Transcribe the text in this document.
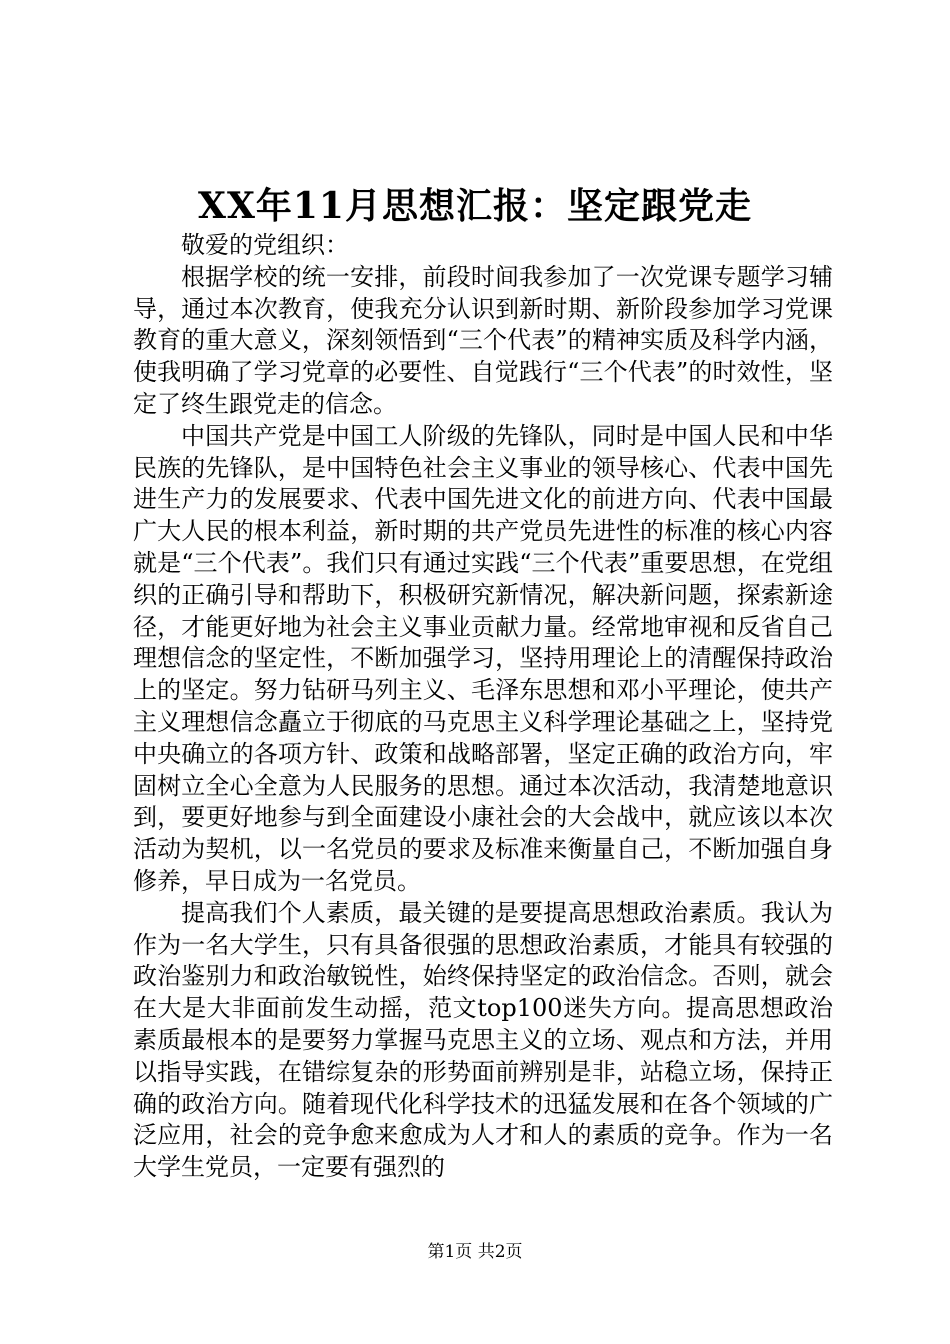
XX年11月思想汇报：坚定跟党走

敬爱的党组织：

根据学校的统一安排，前段时间我参加了一次党课专题学习辅导，通过本次教育，使我充分认识到新时期、新阶段参加学习党课教育的重大意义，深刻领悟到“三个代表”的精神实质及科学内涵，使我明确了学习党章的必要性、自觉践行“三个代表”的时效性，坚定了终生跟党走的信念。

中国共产党是中国工人阶级的先锋队，同时是中国人民和中华民族的先锋队，是中国特色社会主义事业的领导核心、代表中国先进生产力的发展要求、代表中国先进文化的前进方向、代表中国最广大人民的根本利益，新时期的共产党员先进性的标准的核心内容就是“三个代表”。我们只有通过实践“三个代表”重要思想，在党组织的正确引导和帮助下，积极研究新情况，解决新问题，探索新途径，才能更好地为社会主义事业贡献力量。经常地审视和反省自己理想信念的坚定性，不断加强学习，坚持用理论上的清醒保持政治上的坚定。努力钻研马列主义、毛泽东思想和邓小平理论，使共产主义理想信念矗立于彻底的马克思主义科学理论基础之上，坚持党中央确立的各项方针、政策和战略部署，坚定正确的政治方向，牢固树立全心全意为人民服务的思想。通过本次活动，我清楚地意识到，要更好地参与到全面建设小康社会的大会战中，就应该以本次活动为契机，以一名党员的要求及标准来衡量自己，不断加强自身修养，早日成为一名党员。

提高我们个人素质，最关键的是要提高思想政治素质。我认为作为一名大学生，只有具备很强的思想政治素质，才能具有较强的政治鉴别力和政治敏锐性，始终保持坚定的政治信念。否则，就会在大是大非面前发生动摇，范文top100迷失方向。提高思想政治素质最根本的是要努力掌握马克思主义的立场、观点和方法，并用以指导实践，在错综复杂的形势面前辨别是非，站稳立场，保持正确的政治方向。随着现代化科学技术的迅猛发展和在各个领域的广泛应用，社会的竞争愈来愈成为人才和人的素质的竞争。作为一名大学生党员，一定要有强烈的

第1页 共2页
